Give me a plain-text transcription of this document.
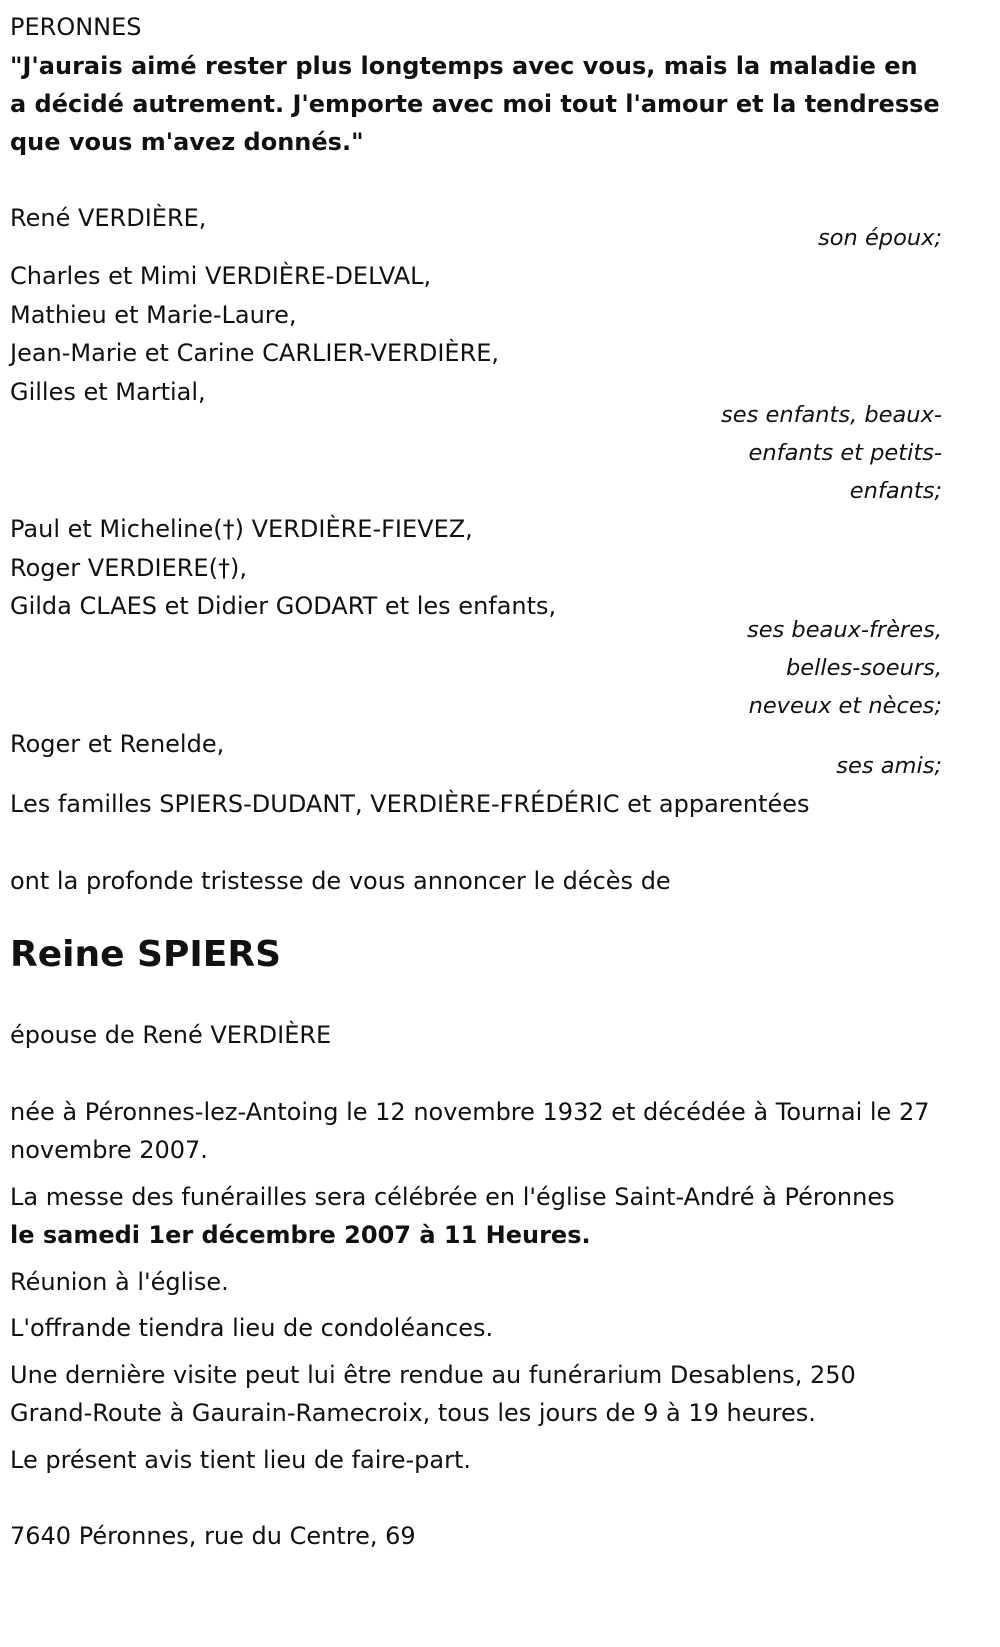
PERONNES

"J'aurais aimé rester plus longtemps avec vous, mais la maladie en a décidé autrement. J'emporte avec moi tout l'amour et la tendresse que vous m'avez donnés."

René VERDIÈRE,

son époux;

Charles et Mimi VERDIÈRE-DELVAL,

Mathieu et Marie-Laure,

Jean-Marie et Carine CARLIER-VERDIÈRE,

Gilles et Martial,

ses enfants, beaux-enfants et petits-enfants;

Paul et Micheline(†) VERDIÈRE-FIEVEZ,

Roger VERDIERE(†),

Gilda CLAES et Didier GODART et les enfants,

ses beaux-frères, belles-soeurs, neveux et nèces;

Roger et Renelde,

ses amis;

Les familles SPIERS-DUDANT, VERDIÈRE-FRÉDÉRIC et apparentées

ont la profonde tristesse de vous annoncer le décès de

Reine SPIERS

épouse de René VERDIÈRE

née à Péronnes-lez-Antoing le 12 novembre 1932 et décédée à Tournai le 27 novembre 2007.

La messe des funérailles sera célébrée en l'église Saint-André à Péronnes

le samedi 1er décembre 2007 à 11 Heures.

Réunion à l'église.

L'offrande tiendra lieu de condoléances.

Une dernière visite peut lui être rendue au funérarium Desablens, 250 Grand-Route à Gaurain-Ramecroix, tous les jours de 9 à 19 heures.

Le présent avis tient lieu de faire-part.

7640 Péronnes, rue du Centre, 69
